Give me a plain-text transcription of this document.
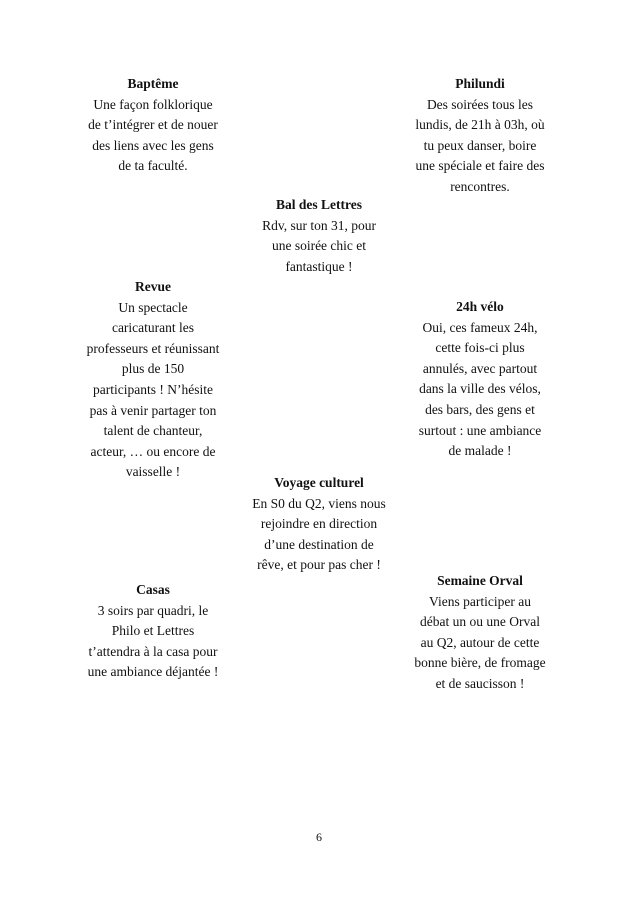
Baptême
Une façon folklorique
de t’intégrer et de nouer
des liens avec les gens
de ta faculté.
Philundi
Des soirées tous les
lundis, de 21h à 03h, où
tu peux danser, boire
une spéciale et faire des
rencontres.
Bal des Lettres
Rdv, sur ton 31, pour
une soirée chic et
fantastique !
Revue
Un spectacle
caricaturant les
professeurs et réunissant
plus de 150
participants ! N’hésite
pas à venir partager ton
talent de chanteur,
acteur, … ou encore de
vaisselle !
24h vélo
Oui, ces fameux 24h,
cette fois-ci plus
annulés, avec partout
dans la ville des vélos,
des bars, des gens et
surtout : une ambiance
de malade !
Voyage culturel
En S0 du Q2, viens nous
rejoindre en direction
d’une destination de
rêve, et pour pas cher !
Casas
3 soirs par quadri, le
Philo et Lettres
t’attendra à la casa pour
une ambiance déjantée !
Semaine Orval
Viens participer au
débat un ou une Orval
au Q2, autour de cette
bonne bière, de fromage
et de saucisson !
6
